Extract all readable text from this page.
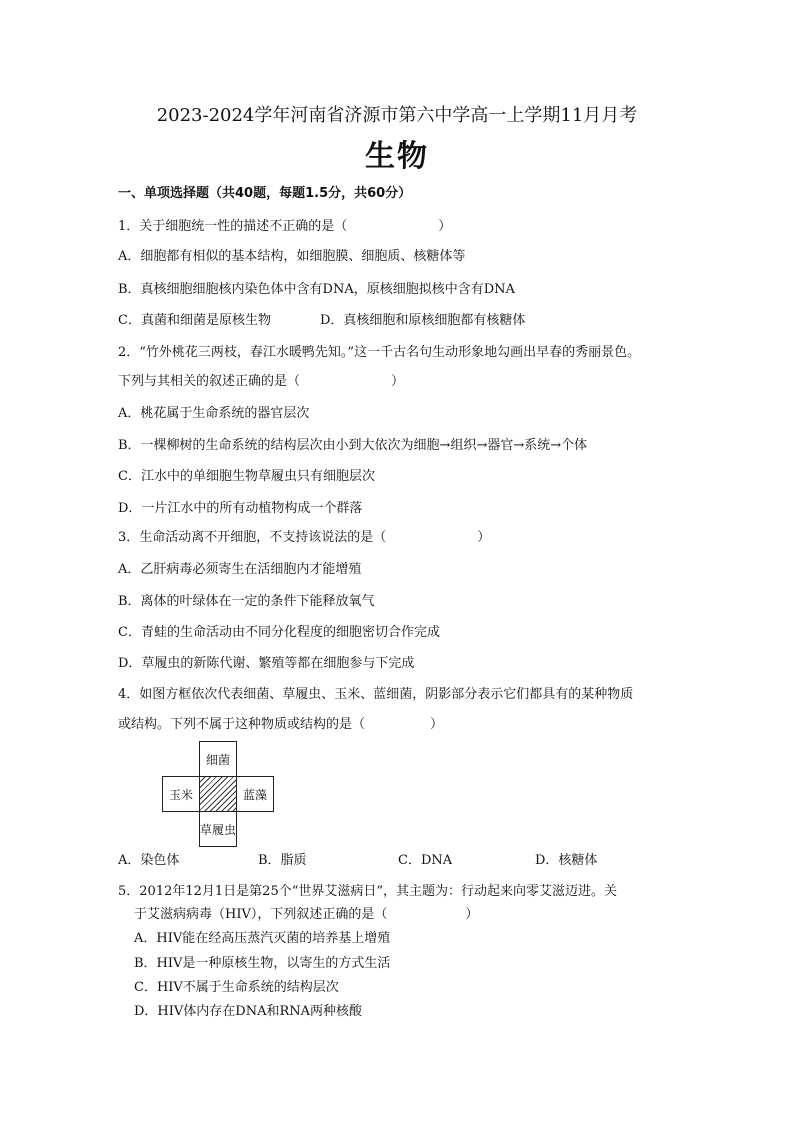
2023-2024学年河南省济源市第六中学高一上学期11月月考
生物
一、单项选择题（共40题，每题1.5分，共60分）
1．关于细胞统一性的描述不正确的是（　　　　　　　）
A．细胞都有相似的基本结构，如细胞膜、细胞质、核糖体等
B．真核细胞细胞核内染色体中含有DNA，原核细胞拟核中含有DNA
C．真菌和细菌是原核生物	D．真核细胞和原核细胞都有核糖体
2．“竹外桃花三两枝，春江水暖鸭先知。”这一千古名句生动形象地勾画出早春的秀丽景色。
下列与其相关的叙述正确的是（　　　　　　　）
A．桃花属于生命系统的器官层次
B．一棵柳树的生命系统的结构层次由小到大依次为细胞→组织→器官→系统→个体
C．江水中的单细胞生物草履虫只有细胞层次
D．一片江水中的所有动植物构成一个群落
3．生命活动离不开细胞，不支持该说法的是（　　　　　　　）
A．乙肝病毒必须寄生在活细胞内才能增殖
B．离体的叶绿体在一定的条件下能释放氧气
C．青蛙的生命活动由不同分化程度的细胞密切合作完成
D．草履虫的新陈代谢、繁殖等都在细胞参与下完成
4．如图方框依次代表细菌、草履虫、玉米、蓝细菌，阴影部分表示它们都具有的某种物质
或结构。下列不属于这种物质或结构的是（　　　　　）
细菌
玉米	蓝藻
草履虫
A．染色体	B．脂质	C．DNA	D．核糖体
5．2012年12月1日是第25个“世界艾滋病日”，其主题为：行动起来向零艾滋迈进。关
于艾滋病病毒（HIV），下列叙述正确的是（　　　　　　）
A．HIV能在经高压蒸汽灭菌的培养基上增殖
B．HIV是一种原核生物，以寄生的方式生活
C．HIV不属于生命系统的结构层次
D．HIV体内存在DNA和RNA两种核酸
